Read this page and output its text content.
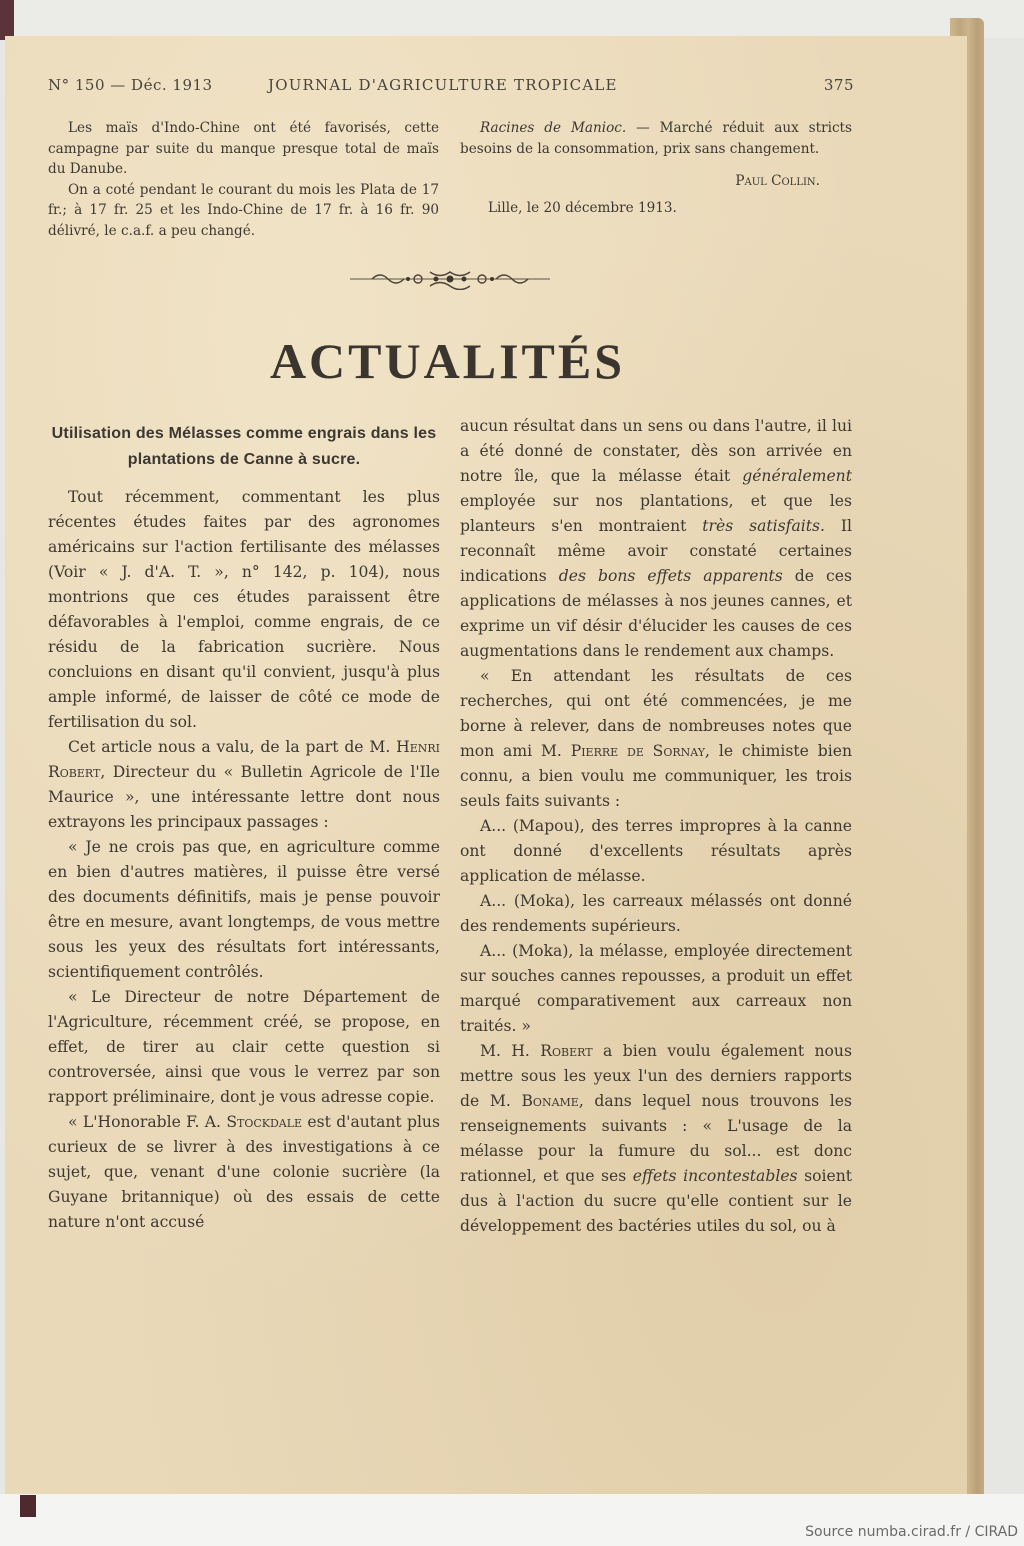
N° 150 — Déc. 1913	JOURNAL D'AGRICULTURE TROPICALE	375

Les maïs d'Indo-Chine ont été favorisés, cette campagne par suite du manque presque total de maïs du Danube.

On a coté pendant le courant du mois les Plata de 17 fr.; à 17 fr. 25 et les Indo-Chine de 17 fr. à 16 fr. 90 délivré, le c.a.f. a peu changé.

Racines de Manioc. — Marché réduit aux stricts besoins de la consommation, prix sans changement.

Paul Collin.

Lille, le 20 décembre 1913.

ACTUALITÉS
Utilisation des Mélasses comme engrais dans les plantations de Canne à sucre.

Tout récemment, commentant les plus récentes études faites par des agronomes américains sur l'action fertilisante des mélasses (Voir « J. d'A. T. », n° 142, p. 104), nous montrions que ces études paraissent être défavorables à l'emploi, comme engrais, de ce résidu de la fabrication sucrière. Nous concluions en disant qu'il convient, jusqu'à plus ample informé, de laisser de côté ce mode de fertilisation du sol.

Cet article nous a valu, de la part de M. Henri Robert, Directeur du « Bulletin Agricole de l'Ile Maurice », une intéressante lettre dont nous extrayons les principaux passages :

« Je ne crois pas que, en agriculture comme en bien d'autres matières, il puisse être versé des documents définitifs, mais je pense pouvoir être en mesure, avant longtemps, de vous mettre sous les yeux des résultats fort intéressants, scientifiquement contrôlés.

« Le Directeur de notre Département de l'Agriculture, récemment créé, se propose, en effet, de tirer au clair cette question si controversée, ainsi que vous le verrez par son rapport préliminaire, dont je vous adresse copie.

« L'Honorable F. A. Stockdale est d'autant plus curieux de se livrer à des investigations à ce sujet, que, venant d'une colonie sucrière (la Guyane britannique) où des essais de cette nature n'ont accusé

aucun résultat dans un sens ou dans l'autre, il lui a été donné de constater, dès son arrivée en notre île, que la mélasse était généralement employée sur nos plantations, et que les planteurs s'en montraient très satisfaits. Il reconnaît même avoir constaté certaines indications des bons effets apparents de ces applications de mélasses à nos jeunes cannes, et exprime un vif désir d'élucider les causes de ces augmentations dans le rendement aux champs.

« En attendant les résultats de ces recherches, qui ont été commencées, je me borne à relever, dans de nombreuses notes que mon ami M. Pierre de Sornay, le chimiste bien connu, a bien voulu me communiquer, les trois seuls faits suivants :

A... (Mapou), des terres impropres à la canne ont donné d'excellents résultats après application de mélasse.

A... (Moka), les carreaux mélassés ont donné des rendements supérieurs.

A... (Moka), la mélasse, employée directement sur souches cannes repousses, a produit un effet marqué comparativement aux carreaux non traités. »

M. H. Robert a bien voulu également nous mettre sous les yeux l'un des derniers rapports de M. Boname, dans lequel nous trouvons les renseignements suivants : « L'usage de la mélasse pour la fumure du sol... est donc rationnel, et que ses effets incontestables soient dus à l'action du sucre qu'elle contient sur le développement des bactéries utiles du sol, ou à

Source numba.cirad.fr / CIRAD
